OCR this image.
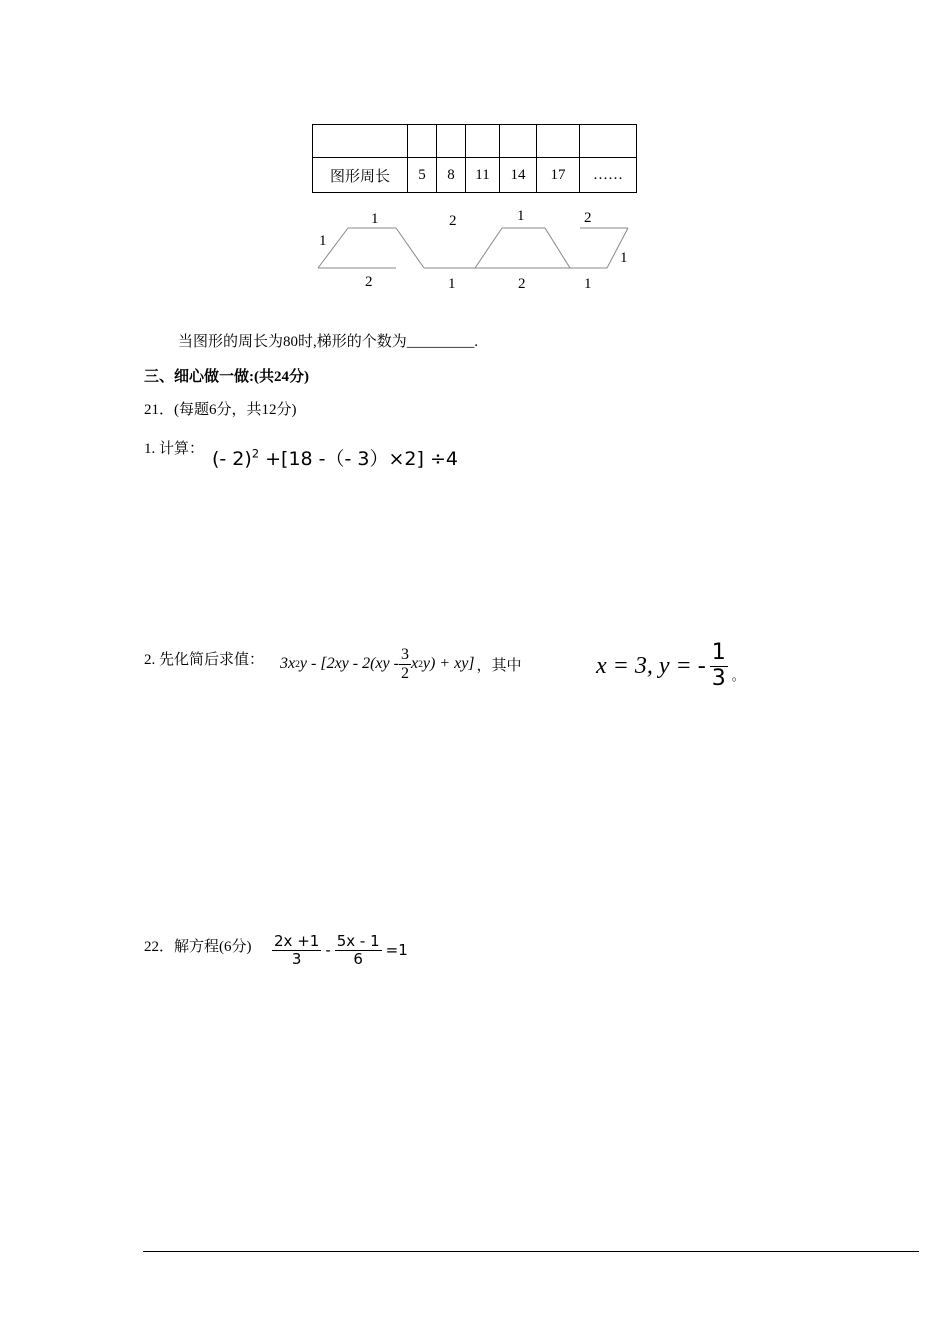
图形周长	5	8	11	14	17	……
1	2	1	2
2	1	2	1
1
1
当图形的周长为80时,梯形的个数为_________.
三、细心做一做:(共24分)
21．(每题6分，共12分)
1. 计算： (- 2)$^2$ +[18 -（- 3）×2] ÷4
2. 先化简后求值： 3x 2 y - [$2xy - 2(xy - \frac{3}{2}$ x 2 y) + xy] ，其中	x = 3, y = - $\frac{1}{3}$ 。
22．解方程(6分) $\frac{2x +1}{3} - \frac{5x - 1}{6} =1$
